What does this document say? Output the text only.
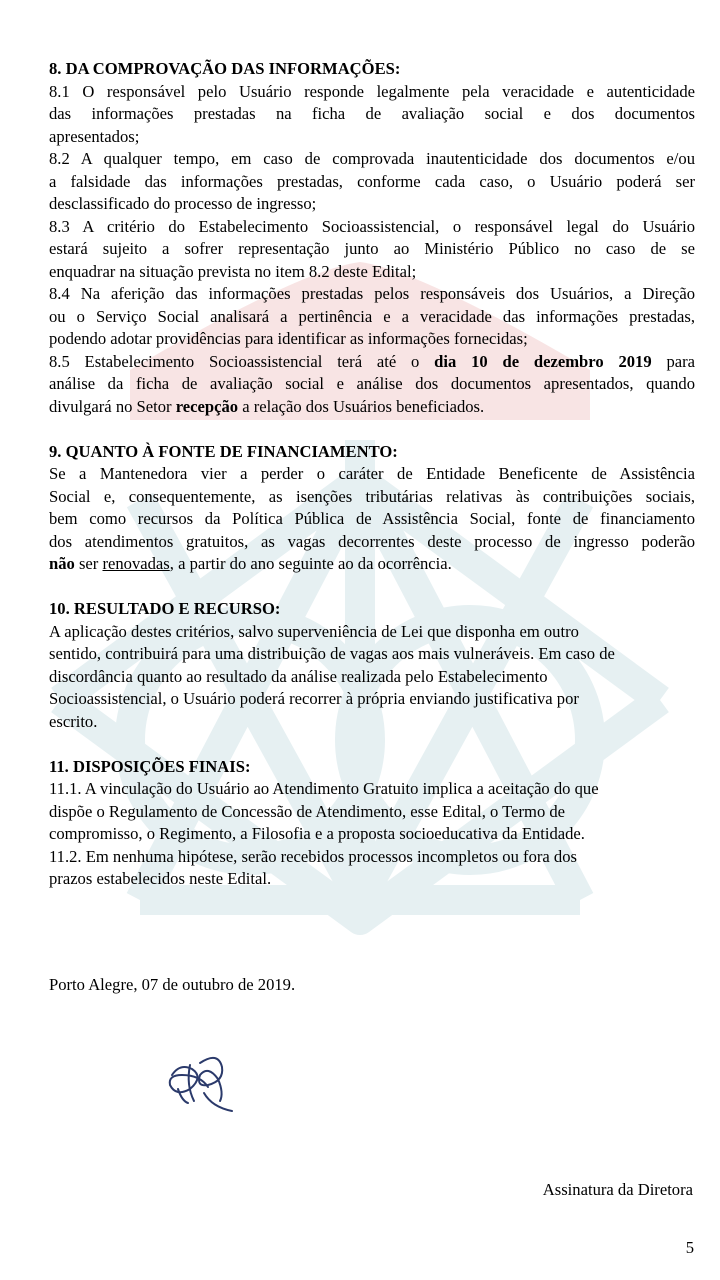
8. DA COMPROVAÇÃO DAS INFORMAÇÕES:
8.1 O responsável pelo Usuário responde legalmente pela veracidade e autenticidade
das informações prestadas na ficha de avaliação social e dos documentos
apresentados;
8.2 A qualquer tempo, em caso de comprovada inautenticidade dos documentos e/ou
a falsidade das informações prestadas, conforme cada caso, o Usuário poderá ser
desclassificado do processo de ingresso;
8.3 A critério do Estabelecimento Socioassistencial, o responsável legal do Usuário
estará sujeito a sofrer representação junto ao Ministério Público no caso de se
enquadrar na situação prevista no item 8.2 deste Edital;
8.4 Na aferição das informações prestadas pelos responsáveis dos Usuários, a Direção
ou o Serviço Social analisará a pertinência e a veracidade das informações prestadas,
podendo adotar providências para identificar as informações fornecidas;
8.5 Estabelecimento Socioassistencial terá até o dia 10 de dezembro 2019 para
análise da ficha de avaliação social e análise dos documentos apresentados, quando
divulgará no Setor recepção a relação dos Usuários beneficiados.
9. QUANTO À FONTE DE FINANCIAMENTO:
Se a Mantenedora vier a perder o caráter de Entidade Beneficente de Assistência
Social e, consequentemente, as isenções tributárias relativas às contribuições sociais,
bem como recursos da Política Pública de Assistência Social, fonte de financiamento
dos atendimentos gratuitos, as vagas decorrentes deste processo de ingresso poderão
não ser renovadas, a partir do ano seguinte ao da ocorrência.
10. RESULTADO E RECURSO:
A aplicação destes critérios, salvo superveniência de Lei que disponha em outro
sentido, contribuirá para uma distribuição de vagas aos mais vulneráveis. Em caso de
discordância quanto ao resultado da análise realizada pelo Estabelecimento
Socioassistencial, o Usuário poderá recorrer à própria enviando justificativa por
escrito.
11. DISPOSIÇÕES FINAIS:
11.1. A vinculação do Usuário ao Atendimento Gratuito implica a aceitação do que
dispõe o Regulamento de Concessão de Atendimento, esse Edital, o Termo de
compromisso, o Regimento, a Filosofia e a proposta socioeducativa da Entidade.
11.2. Em nenhuma hipótese, serão recebidos processos incompletos ou fora dos
prazos estabelecidos neste Edital.
Porto Alegre, 07 de outubro de 2019.
Assinatura da Diretora
5
